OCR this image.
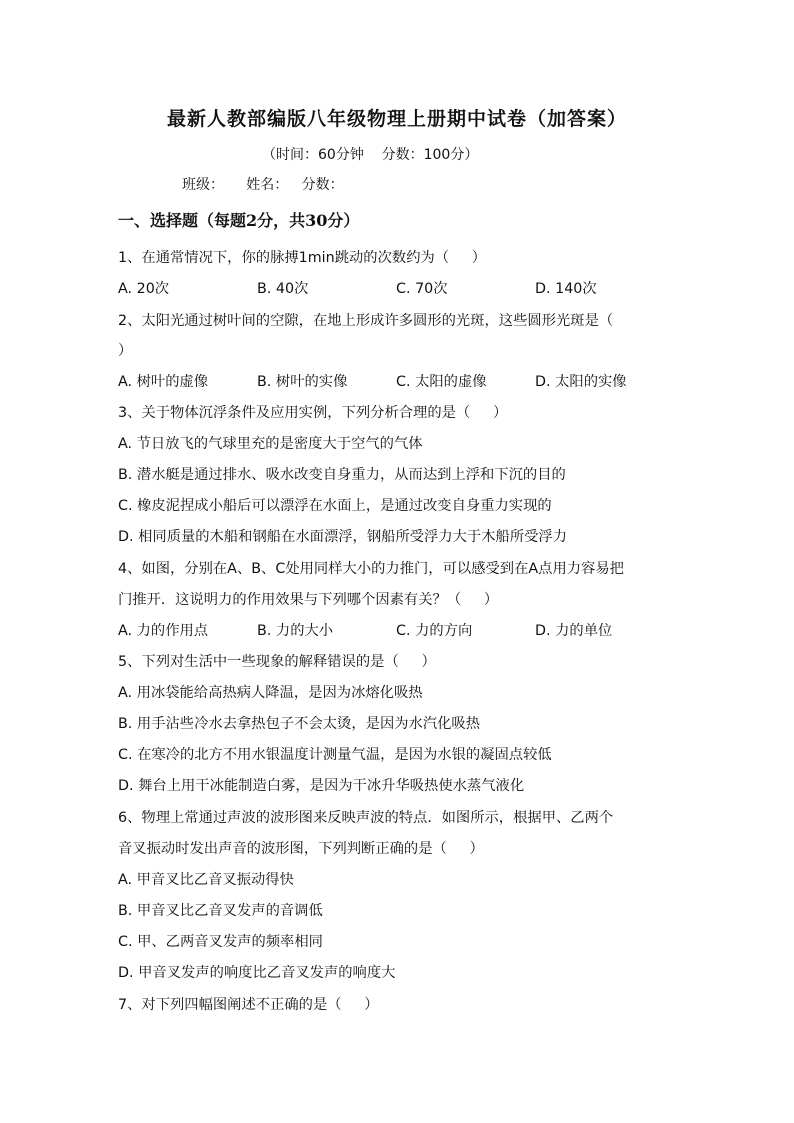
最新人教部编版八年级物理上册期中试卷（加答案）
（时间：60分钟    分数：100分）
班级：     姓名：   分数：
一、选择题（每题2分，共30分）
1、在通常情况下，你的脉搏1min跳动的次数约为（     ）
A. 20次	B. 40次	C. 70次	D. 140次
2、太阳光通过树叶间的空隙，在地上形成许多圆形的光斑，这些圆形光斑是（
）
A. 树叶的虚像	B. 树叶的实像	C. 太阳的虚像	D. 太阳的实像
3、关于物体沉浮条件及应用实例，下列分析合理的是（     ）
A. 节日放飞的气球里充的是密度大于空气的气体
B. 潜水艇是通过排水、吸水改变自身重力，从而达到上浮和下沉的目的
C. 橡皮泥捏成小船后可以漂浮在水面上，是通过改变自身重力实现的
D. 相同质量的木船和钢船在水面漂浮，钢船所受浮力大于木船所受浮力
4、如图，分别在A、B、C处用同样大小的力推门，可以感受到在A点用力容易把
门推开．这说明力的作用效果与下列哪个因素有关？（     ）
A. 力的作用点	B. 力的大小	C. 力的方向	D. 力的单位
5、下列对生活中一些现象的解释错误的是（     ）
A. 用冰袋能给高热病人降温，是因为冰熔化吸热
B. 用手沾些冷水去拿热包子不会太烫，是因为水汽化吸热
C. 在寒冷的北方不用水银温度计测量气温，是因为水银的凝固点较低
D. 舞台上用干冰能制造白雾，是因为干冰升华吸热使水蒸气液化
6、物理上常通过声波的波形图来反映声波的特点．如图所示，根据甲、乙两个
音叉振动时发出声音的波形图，下列判断正确的是（     ）
A. 甲音叉比乙音叉振动得快
B. 甲音叉比乙音叉发声的音调低
C. 甲、乙两音叉发声的频率相同
D. 甲音叉发声的响度比乙音叉发声的响度大
7、对下列四幅图阐述不正确的是（     ）
